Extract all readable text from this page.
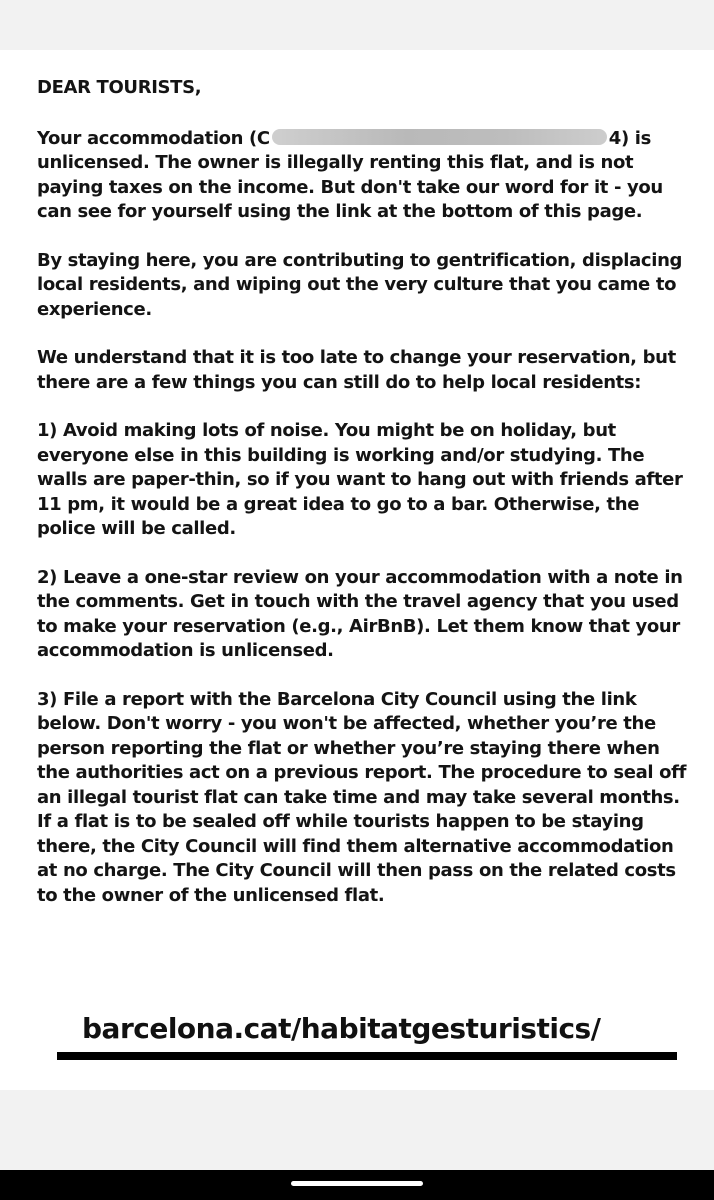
DEAR TOURISTS,

Your accommodation (C	4) is unlicensed. The owner is illegally renting this flat, and is not paying taxes on the income. But don't take our word for it - you can see for yourself using the link at the bottom of this page.

By staying here, you are contributing to gentrification, displacing local residents, and wiping out the very culture that you came to experience.

We understand that it is too late to change your reservation, but there are a few things you can still do to help local residents:

1) Avoid making lots of noise. You might be on holiday, but everyone else in this building is working and/or studying. The walls are paper-thin, so if you want to hang out with friends after 11 pm, it would be a great idea to go to a bar. Otherwise, the police will be called.

2) Leave a one-star review on your accommodation with a note in the comments. Get in touch with the travel agency that you used to make your reservation (e.g., AirBnB). Let them know that your accommodation is unlicensed.

3) File a report with the Barcelona City Council using the link below. Don't worry - you won't be affected, whether you’re the person reporting the flat or whether you’re staying there when the authorities act on a previous report. The procedure to seal off an illegal tourist flat can take time and may take several months. If a flat is to be sealed off while tourists happen to be staying there, the City Council will find them alternative accommodation at no charge. The City Council will then pass on the related costs to the owner of the unlicensed flat.

barcelona.cat/habitatgesturistics/
